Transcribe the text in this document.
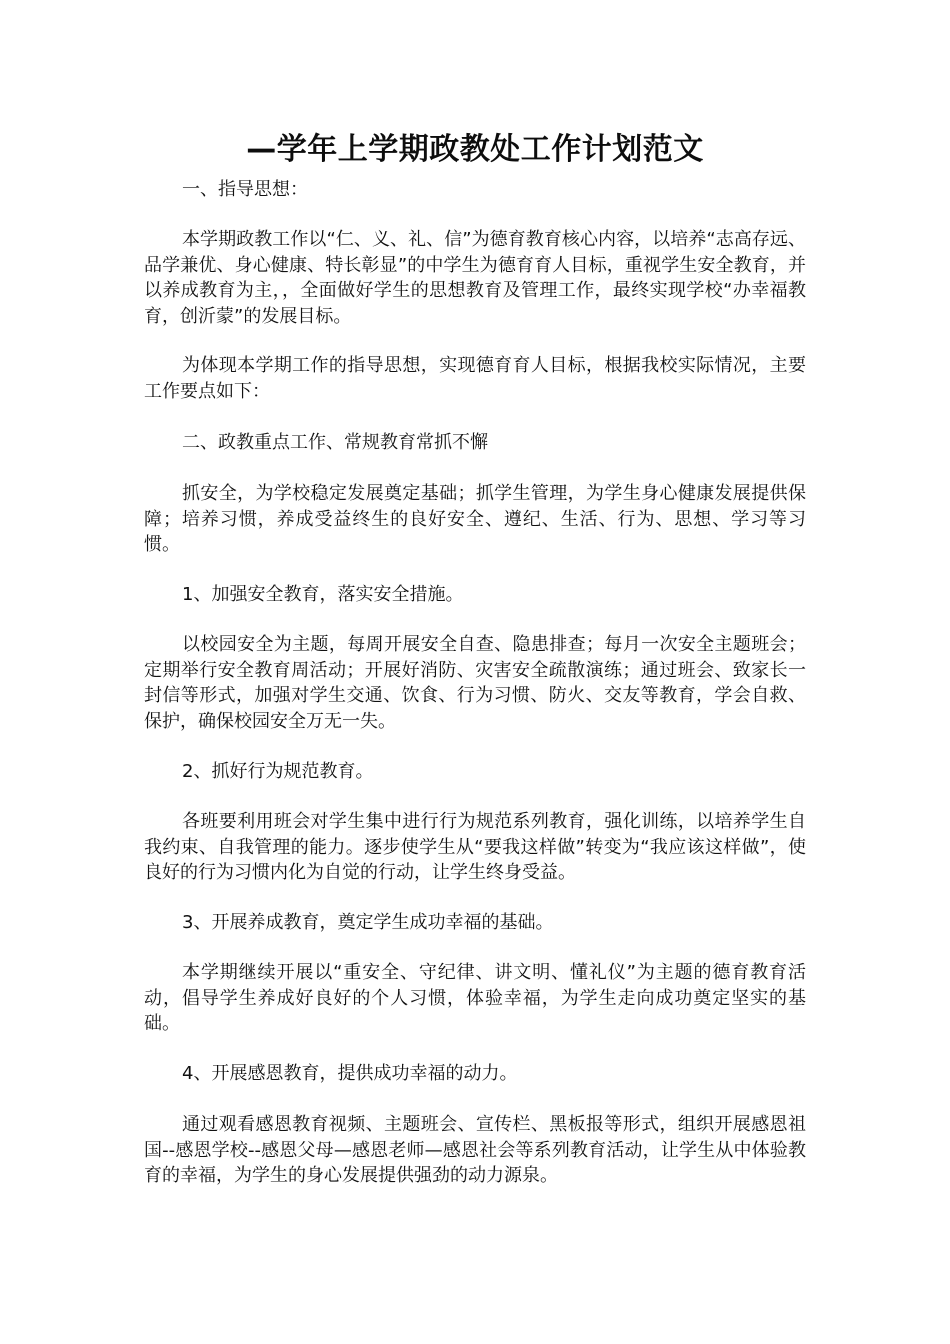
—学年上学期政教处工作计划范文

一、指导思想：

本学期政教工作以“仁、义、礼、信”为德育教育核心内容，以培养“志高存远、品学兼优、身心健康、特长彰显”的中学生为德育育人目标，重视学生安全教育，并以养成教育为主，，全面做好学生的思想教育及管理工作，最终实现学校“办幸福教育，创沂蒙”的发展目标。

为体现本学期工作的指导思想，实现德育育人目标，根据我校实际情况，主要工作要点如下：

二、政教重点工作、常规教育常抓不懈

抓安全，为学校稳定发展奠定基础；抓学生管理，为学生身心健康发展提供保障；培养习惯，养成受益终生的良好安全、遵纪、生活、行为、思想、学习等习惯。

1、加强安全教育，落实安全措施。

以校园安全为主题，每周开展安全自查、隐患排查；每月一次安全主题班会；定期举行安全教育周活动；开展好消防、灾害安全疏散演练；通过班会、致家长一封信等形式，加强对学生交通、饮食、行为习惯、防火、交友等教育，学会自救、保护，确保校园安全万无一失。

2、抓好行为规范教育。

各班要利用班会对学生集中进行行为规范系列教育，强化训练，以培养学生自我约束、自我管理的能力。逐步使学生从“要我这样做”转变为“我应该这样做”，使良好的行为习惯内化为自觉的行动，让学生终身受益。

3、开展养成教育，奠定学生成功幸福的基础。

本学期继续开展以“重安全、守纪律、讲文明、懂礼仪”为主题的德育教育活动，倡导学生养成好良好的个人习惯，体验幸福，为学生走向成功奠定坚实的基础。

4、开展感恩教育，提供成功幸福的动力。

通过观看感恩教育视频、主题班会、宣传栏、黑板报等形式，组织开展感恩祖国--感恩学校--感恩父母—感恩老师—感恩社会等系列教育活动，让学生从中体验教育的幸福，为学生的身心发展提供强劲的动力源泉。
